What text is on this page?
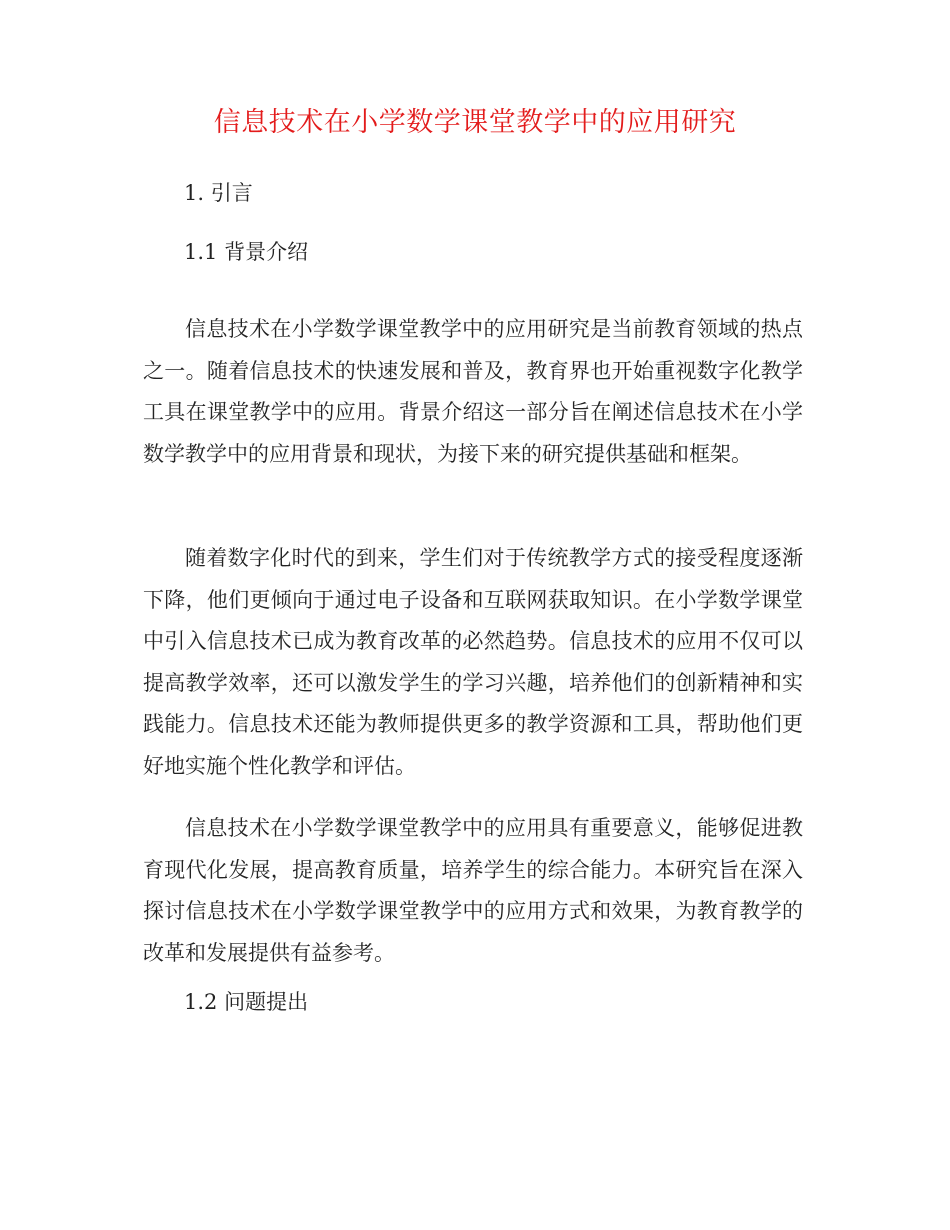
信息技术在小学数学课堂教学中的应用研究
1. 引言
1.1 背景介绍

信息技术在小学数学课堂教学中的应用研究是当前教育领域的热点之一。随着信息技术的快速发展和普及，教育界也开始重视数字化教学工具在课堂教学中的应用。背景介绍这一部分旨在阐述信息技术在小学数学教学中的应用背景和现状，为接下来的研究提供基础和框架。

随着数字化时代的到来，学生们对于传统教学方式的接受程度逐渐下降，他们更倾向于通过电子设备和互联网获取知识。在小学数学课堂中引入信息技术已成为教育改革的必然趋势。信息技术的应用不仅可以提高教学效率，还可以激发学生的学习兴趣，培养他们的创新精神和实践能力。信息技术还能为教师提供更多的教学资源和工具，帮助他们更好地实施个性化教学和评估。

信息技术在小学数学课堂教学中的应用具有重要意义，能够促进教育现代化发展，提高教育质量，培养学生的综合能力。本研究旨在深入探讨信息技术在小学数学课堂教学中的应用方式和效果，为教育教学的改革和发展提供有益参考。

1.2 问题提出
